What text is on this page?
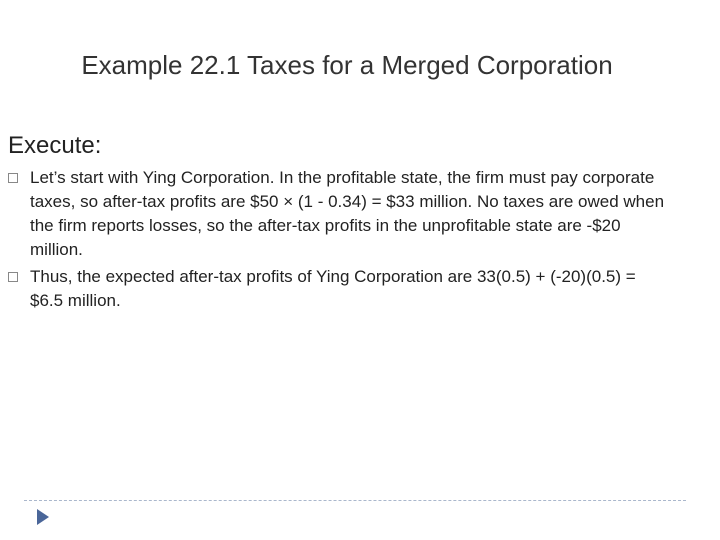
Example 22.1 Taxes for a Merged Corporation
Execute:
Let’s start with Ying Corporation. In the profitable state, the firm must pay corporate taxes, so after-tax profits are $50 × (1 - 0.34) = $33 million. No taxes are owed when the firm reports losses, so the after-tax profits in the unprofitable state are -$20 million.
Thus, the expected after-tax profits of Ying Corporation are 33(0.5) + (-20)(0.5) = $6.5 million.
